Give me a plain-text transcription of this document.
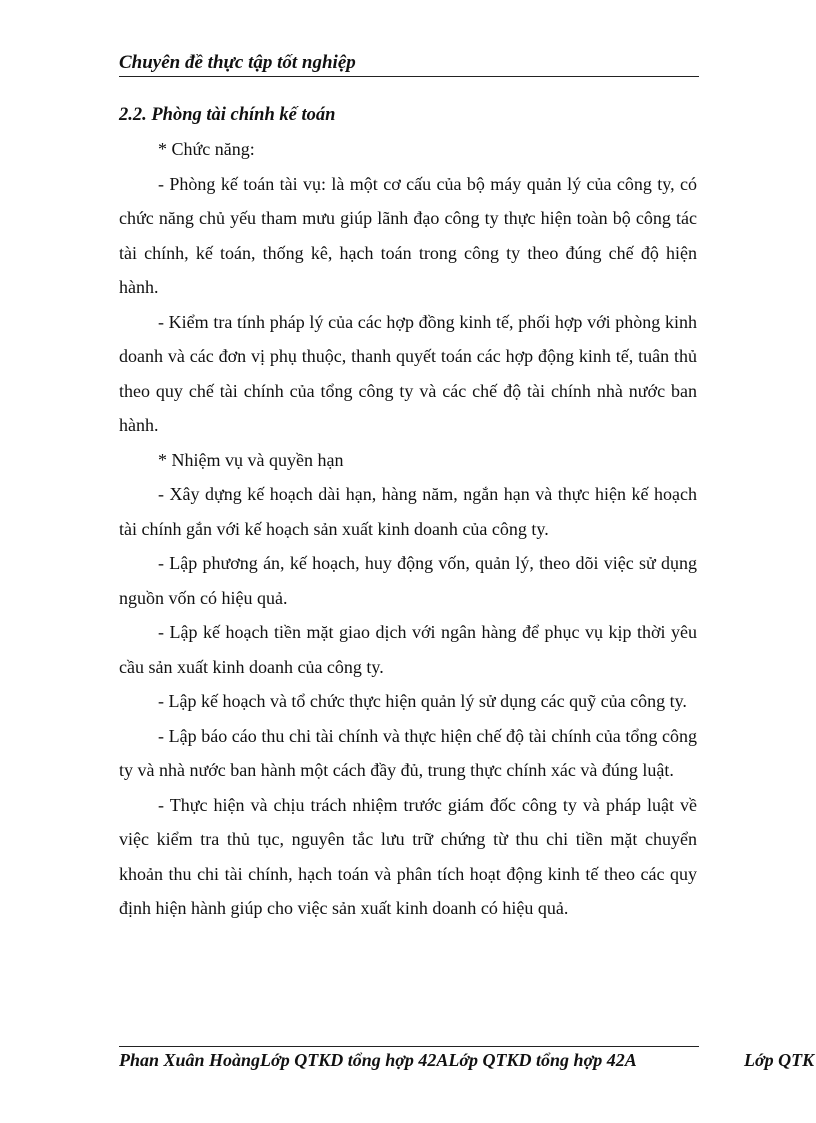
Chuyên đề thực tập tốt nghiệp

2.2. Phòng tài chính kế toán

* Chức năng:

- Phòng kế toán tài vụ: là một cơ cấu của bộ máy quản lý của công ty, có chức năng chủ yếu tham mưu giúp lãnh đạo công ty thực hiện toàn bộ công tác tài chính, kế toán, thống kê, hạch toán trong công ty theo đúng chế độ hiện hành.

- Kiểm tra tính pháp lý của các hợp đồng kinh tế, phối hợp với phòng kinh doanh và các đơn vị phụ thuộc, thanh quyết toán các hợp động kinh tế, tuân thủ theo quy chế tài chính của tổng công ty và các chế độ tài chính nhà nước ban hành.

* Nhiệm vụ và quyền hạn

- Xây dựng kế hoạch dài hạn, hàng năm, ngắn hạn và thực hiện kế hoạch tài chính gắn với kế hoạch sản xuất kinh doanh của công ty.

- Lập phương án, kế hoạch, huy động vốn, quản lý, theo dõi việc sử dụng nguồn vốn có hiệu quả.

- Lập kế hoạch tiền mặt giao dịch với ngân hàng để phục vụ kịp thời yêu cầu sản xuất kinh doanh của công ty.

- Lập kế hoạch và tổ chức thực hiện quản lý sử dụng các quỹ của công ty.

- Lập báo cáo thu chi tài chính và thực hiện chế độ tài chính của tổng công ty và nhà nước ban hành một cách đầy đủ, trung thực chính xác và đúng luật.

- Thực hiện và chịu trách nhiệm trước giám đốc công ty và pháp luật về việc kiểm tra thủ tục, nguyên tắc lưu trữ chứng từ thu chi tiền mặt chuyển khoản thu chi tài chính, hạch toán và phân tích hoạt động kinh tế theo các quy định hiện hành giúp cho việc sản xuất kinh doanh có hiệu quả.

Phan Xuân HoàngLớp QTKD tổng hợp 42ALớp QTKD tổng hợp 42A	Lớp QTK
